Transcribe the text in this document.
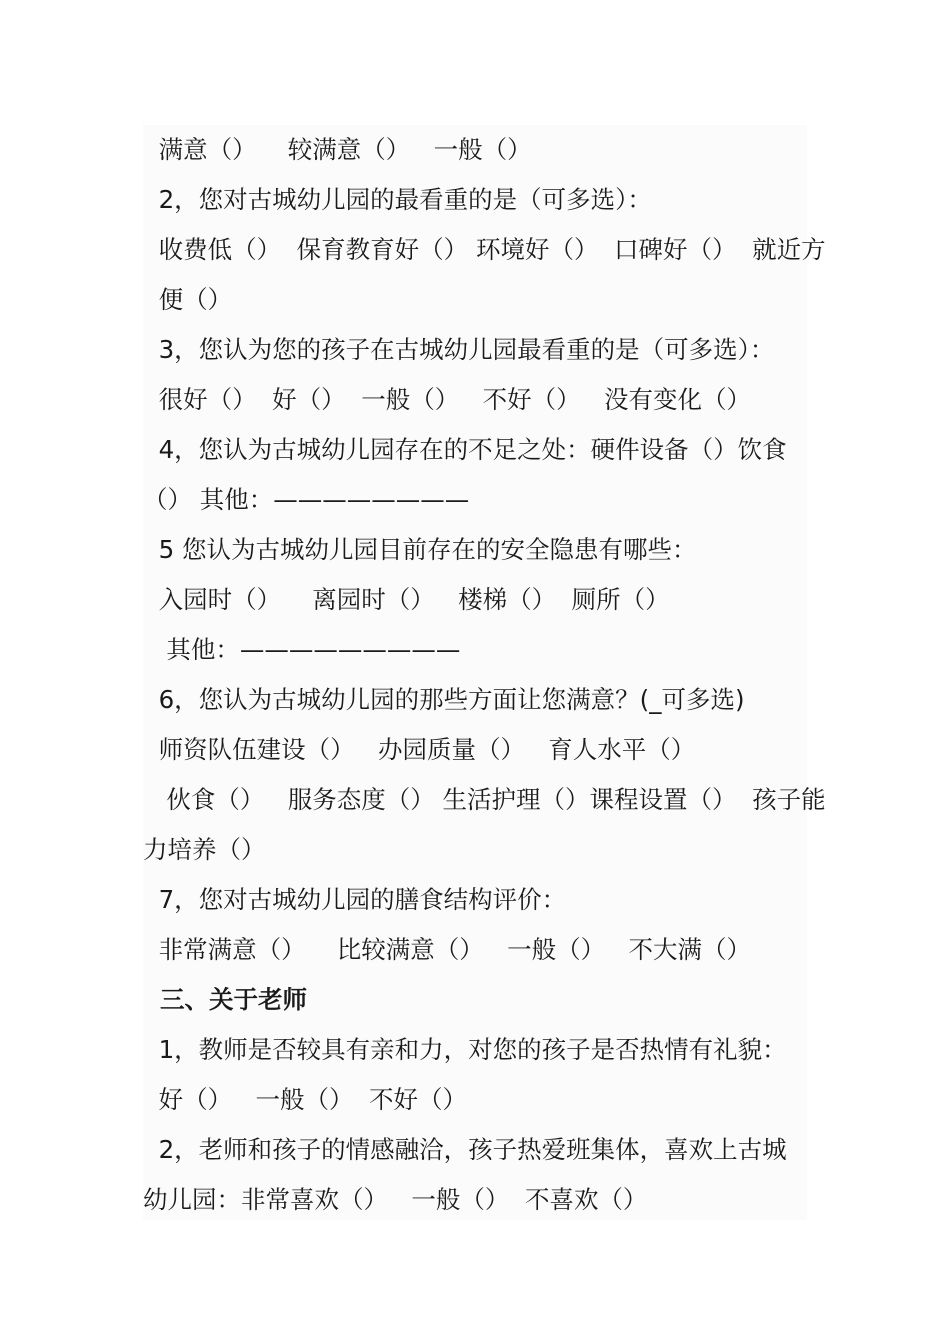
满意（）    较满意（）   一般（）
2，您对古城幼儿园的最看重的是（可多选）：
收费低（）  保育教育好（） 环境好（）  口碑好（）  就近方
便（）
3，您认为您的孩子在古城幼儿园最看重的是（可多选）：
很好（）  好（）  一般（）   不好（）   没有变化（）
4，您认为古城幼儿园存在的不足之处：硬件设备（）饮食
（） 其他：————————
5 您认为古城幼儿园目前存在的安全隐患有哪些：
入园时（）    离园时（）   楼梯（）  厕所（）
其他：—————————
6，您认为古城幼儿园的那些方面让您满意？(_可多选)
师资队伍建设（）   办园质量（）   育人水平（）
伙食（）   服务态度（） 生活护理（）课程设置（）  孩子能
力培养（）
7，您对古城幼儿园的膳食结构评价：
非常满意（）    比较满意（）   一般（）   不大满（）
三、关于老师
1，教师是否较具有亲和力，对您的孩子是否热情有礼貌：
好（）   一般（）  不好（）
2，老师和孩子的情感融洽，孩子热爱班集体，喜欢上古城
幼儿园：非常喜欢（）   一般（）  不喜欢（）
